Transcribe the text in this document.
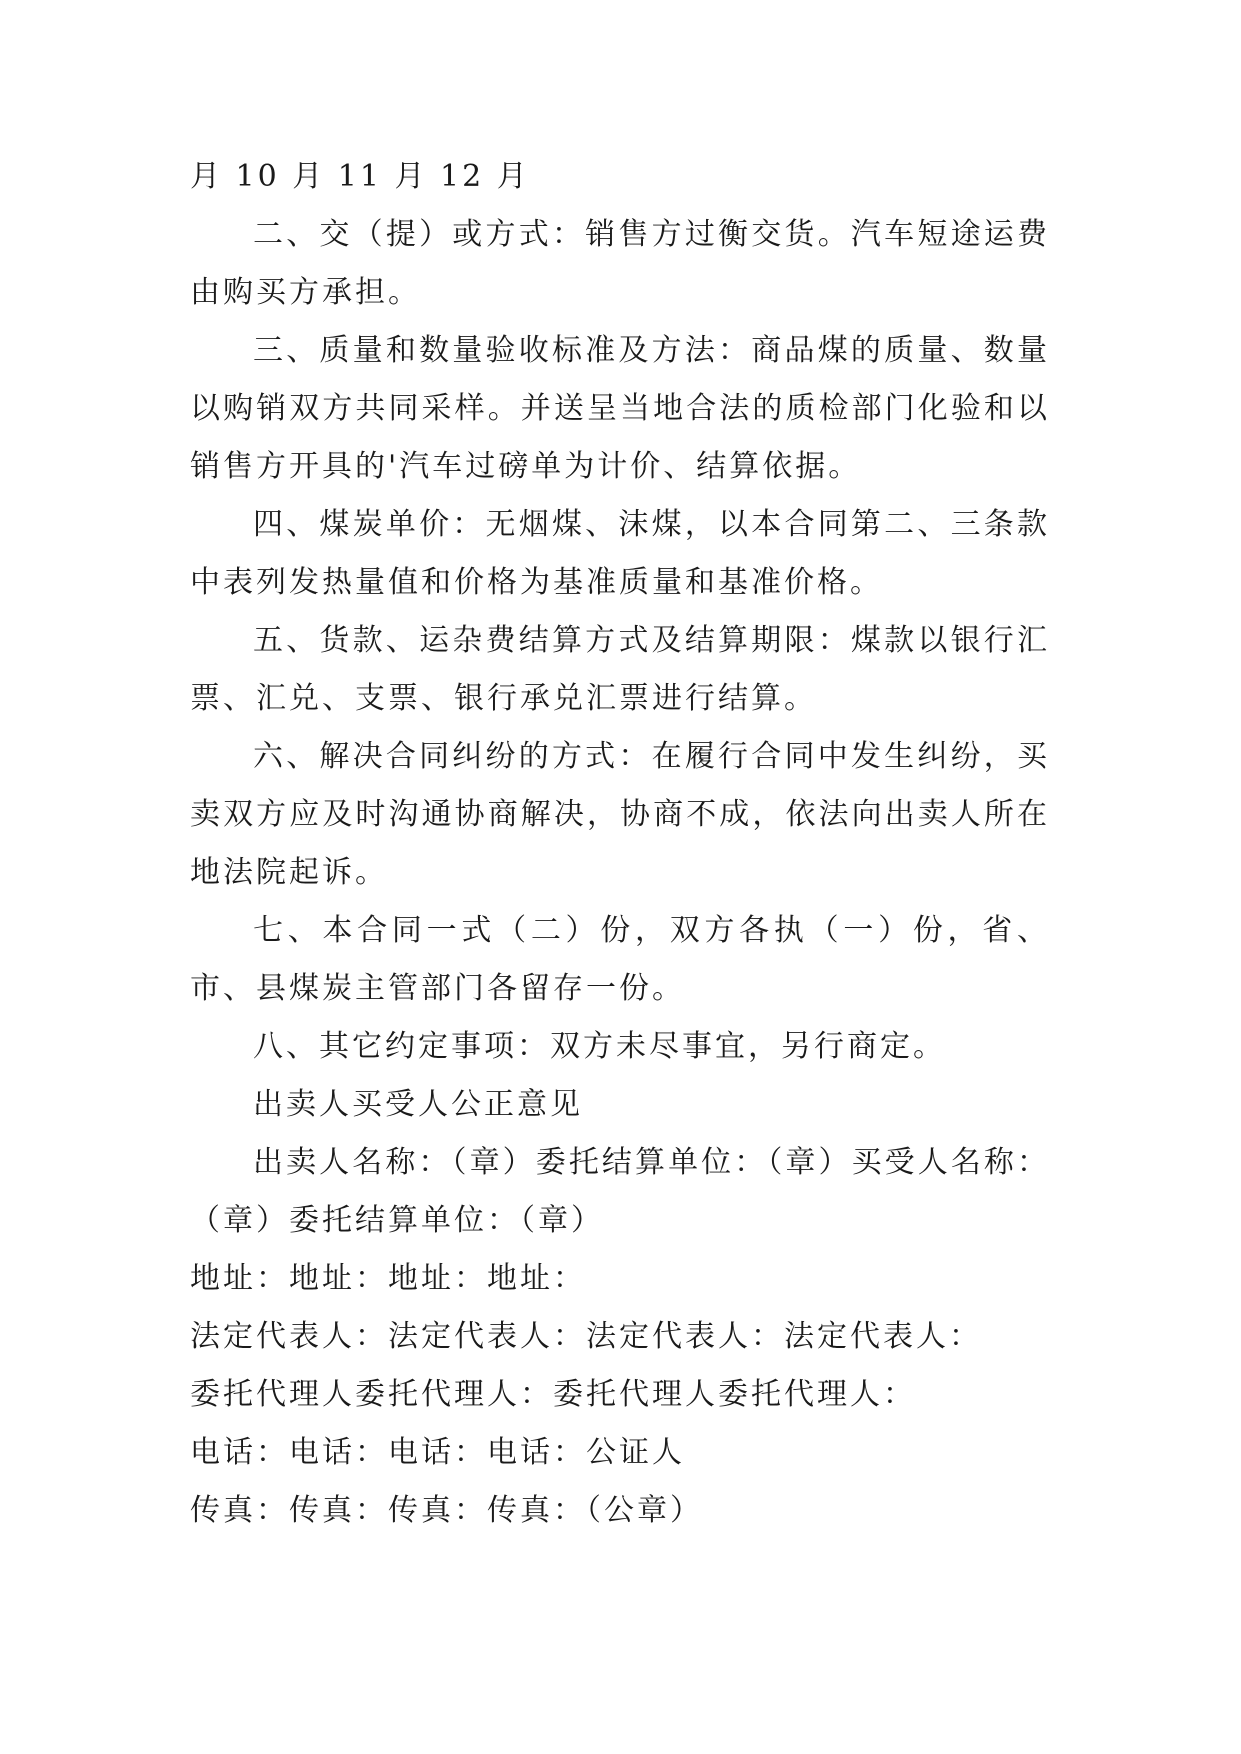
月 10 月 11 月 12 月

二、交（提）或方式：销售方过衡交货。汽车短途运费由购买方承担。

三、质量和数量验收标准及方法：商品煤的质量、数量以购销双方共同采样。并送呈当地合法的质检部门化验和以销售方开具的'汽车过磅单为计价、结算依据。

四、煤炭单价：无烟煤、沫煤，以本合同第二、三条款中表列发热量值和价格为基准质量和基准价格。

五、货款、运杂费结算方式及结算期限：煤款以银行汇票、汇兑、支票、银行承兑汇票进行结算。

六、解决合同纠纷的方式：在履行合同中发生纠纷，买卖双方应及时沟通协商解决，协商不成，依法向出卖人所在地法院起诉。

七、本合同一式（二）份，双方各执（一）份，省、市、县煤炭主管部门各留存一份。

八、其它约定事项：双方未尽事宜，另行商定。

出卖人买受人公正意见

出卖人名称：（章）委托结算单位：（章）买受人名称：（章）委托结算单位：（章）

地址：地址：地址：地址：

法定代表人：法定代表人：法定代表人：法定代表人：

委托代理人委托代理人：委托代理人委托代理人：

电话：电话：电话：电话：公证人

传真：传真：传真：传真：（公章）
